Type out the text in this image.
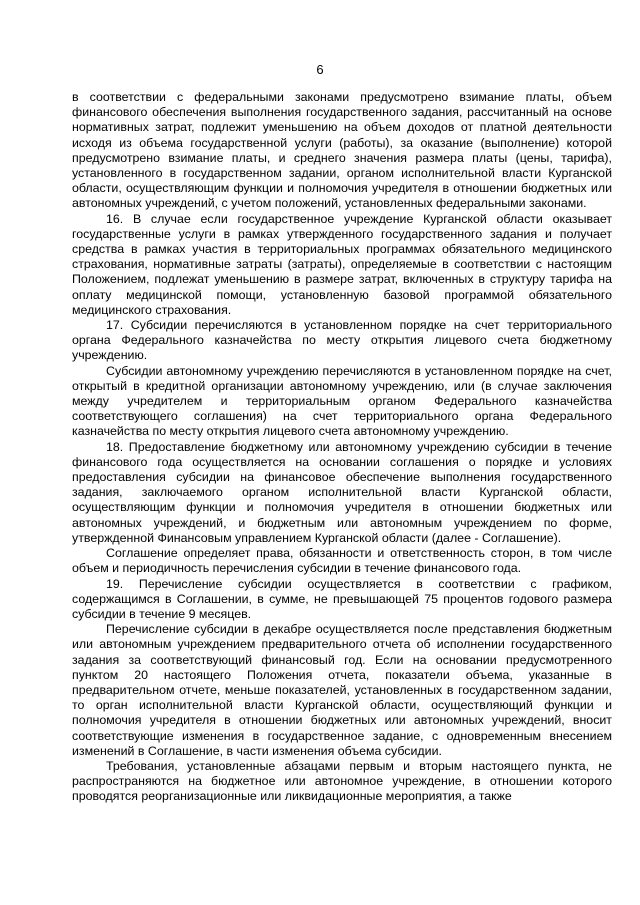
6

в соответствии с федеральными законами предусмотрено взимание платы, объем финансового обеспечения выполнения государственного задания, рассчитанный на основе нормативных затрат, подлежит уменьшению на объем доходов от платной деятельности исходя из объема государственной услуги (работы), за оказание (выполнение) которой предусмотрено взимание платы, и среднего значения размера платы (цены, тарифа), установленного в государственном задании, органом исполнительной власти Курганской области, осуществляющим функции и полномочия учредителя в отношении бюджетных или автономных учреждений, с учетом положений, установленных федеральными законами.

16. В случае если государственное учреждение Курганской области оказывает государственные услуги в рамках утвержденного государственного задания и получает средства в рамках участия в территориальных программах обязательного медицинского страхования, нормативные затраты (затраты), определяемые в соответствии с настоящим Положением, подлежат уменьшению в размере затрат, включенных в структуру тарифа на оплату медицинской помощи, установленную базовой программой обязательного медицинского страхования.

17. Субсидии перечисляются в установленном порядке на счет территориального органа Федерального казначейства по месту открытия лицевого счета бюджетному учреждению.

Субсидии автономному учреждению перечисляются в установленном порядке на счет, открытый в кредитной организации автономному учреждению, или (в случае заключения между учредителем и территориальным органом Федерального казначейства соответствующего соглашения) на счет территориального органа Федерального казначейства по месту открытия лицевого счета автономному учреждению.

18. Предоставление бюджетному или автономному учреждению субсидии в течение финансового года осуществляется на основании соглашения о порядке и условиях предоставления субсидии на финансовое обеспечение выполнения государственного задания, заключаемого органом исполнительной власти Курганской области, осуществляющим функции и полномочия учредителя в отношении бюджетных или автономных учреждений, и бюджетным или автономным учреждением по форме, утвержденной Финансовым управлением Курганской области (далее - Соглашение).

Соглашение определяет права, обязанности и ответственность сторон, в том числе объем и периодичность перечисления субсидии в течение финансового года.

19. Перечисление субсидии осуществляется в соответствии с графиком, содержащимся в Соглашении, в сумме, не превышающей 75 процентов годового размера субсидии в течение 9 месяцев.

Перечисление субсидии в декабре осуществляется после представления бюджетным или автономным учреждением предварительного отчета об исполнении государственного задания за соответствующий финансовый год. Если на основании предусмотренного пунктом 20 настоящего Положения отчета, показатели объема, указанные в предварительном отчете, меньше показателей, установленных в государственном задании, то орган исполнительной власти Курганской области, осуществляющий функции и полномочия учредителя в отношении бюджетных или автономных учреждений, вносит соответствующие изменения в государственное задание, с одновременным внесением изменений в Соглашение, в части изменения объема субсидии.

Требования, установленные абзацами первым и вторым настоящего пункта, не распространяются на бюджетное или автономное учреждение, в отношении которого проводятся реорганизационные или ликвидационные мероприятия, а также
